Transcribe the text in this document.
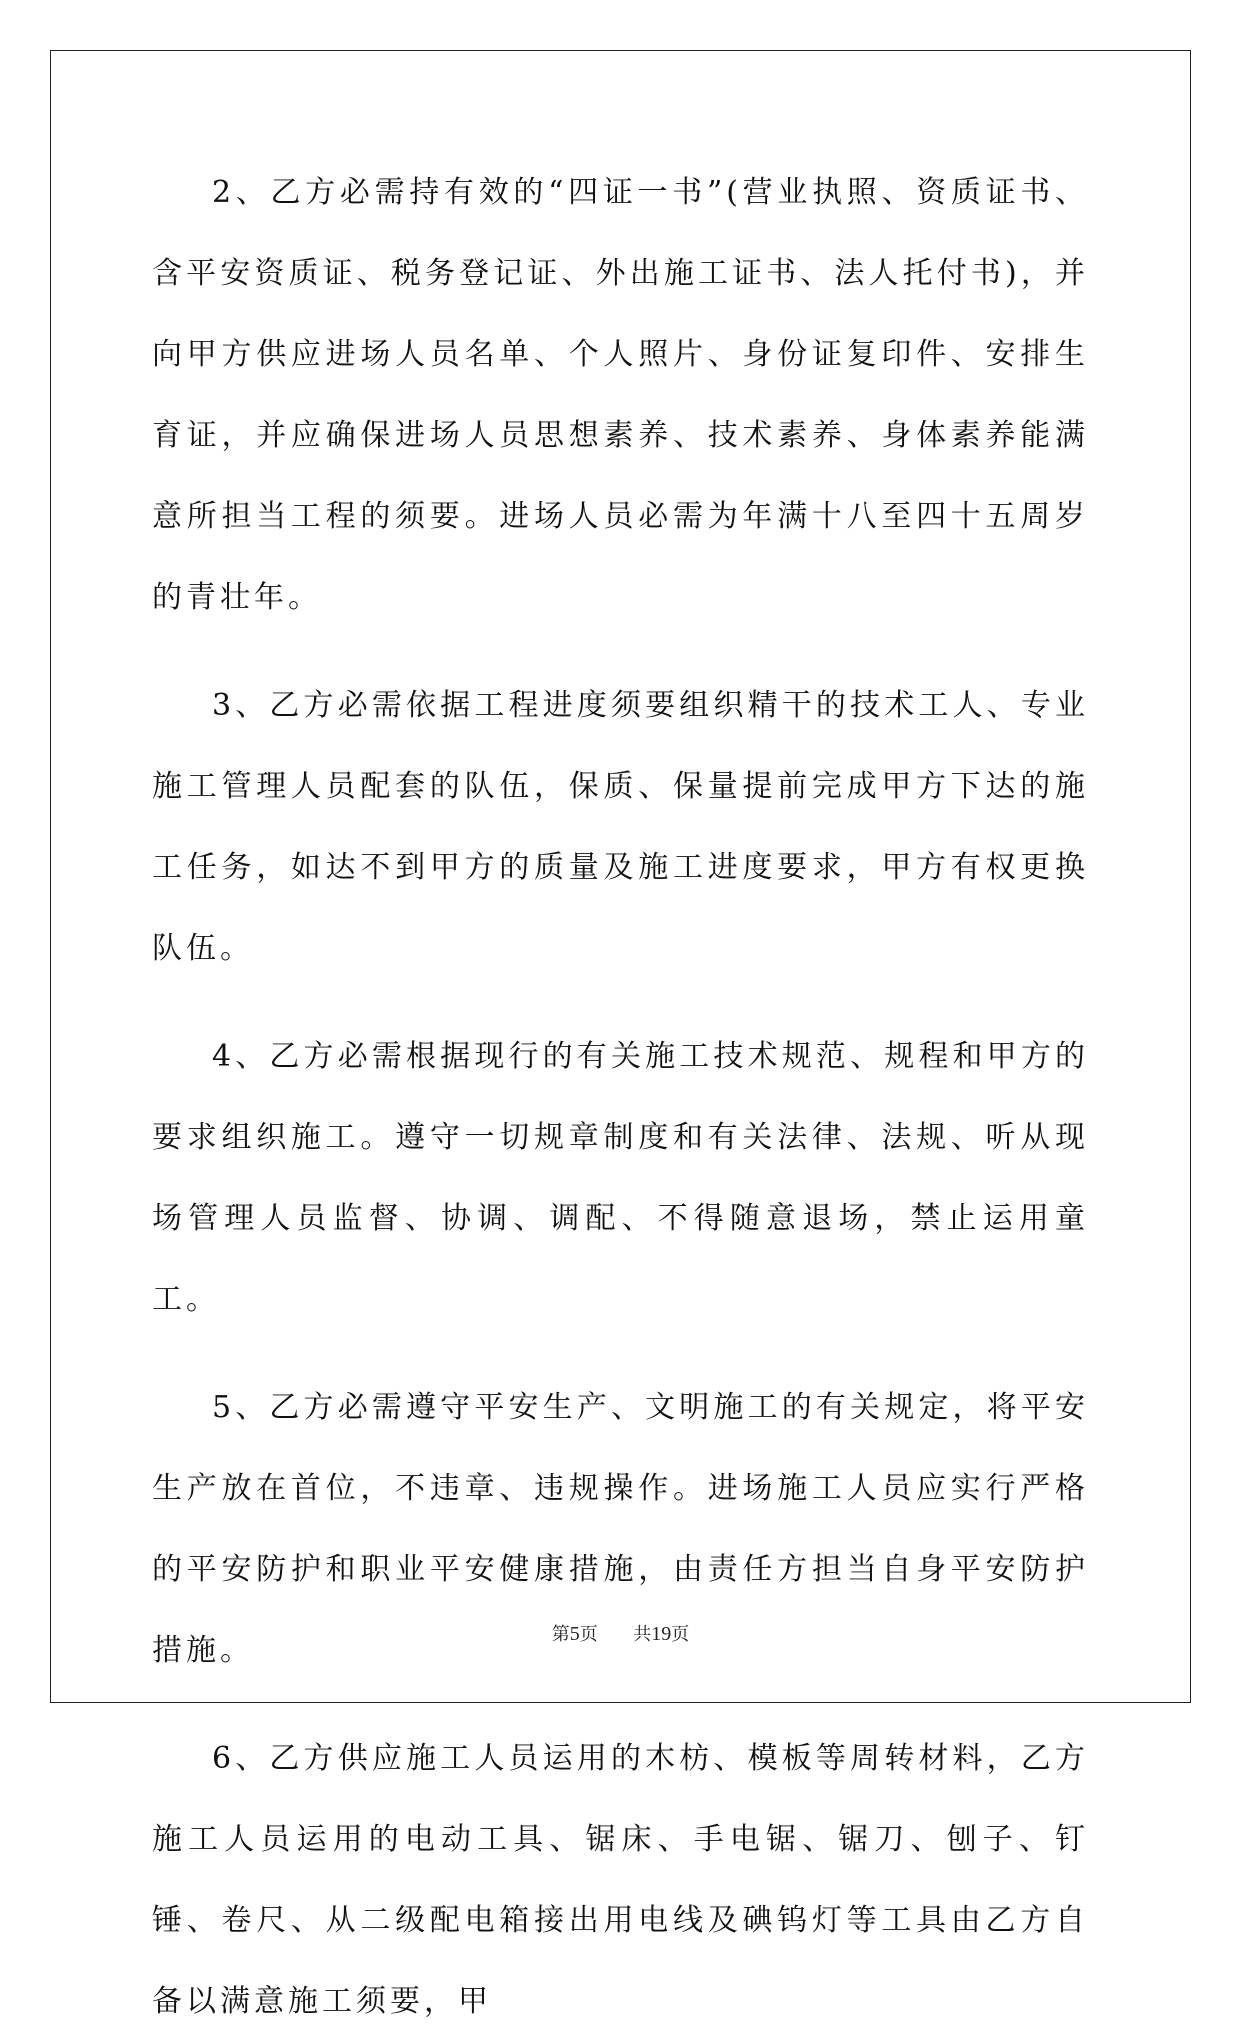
2、乙方必需持有效的“四证一书”(营业执照、资质证书、含平安资质证、税务登记证、外出施工证书、法人托付书)，并向甲方供应进场人员名单、个人照片、身份证复印件、安排生育证，并应确保进场人员思想素养、技术素养、身体素养能满意所担当工程的须要。进场人员必需为年满十八至四十五周岁的青壮年。

3、乙方必需依据工程进度须要组织精干的技术工人、专业施工管理人员配套的队伍，保质、保量提前完成甲方下达的施工任务，如达不到甲方的质量及施工进度要求，甲方有权更换队伍。

4、乙方必需根据现行的有关施工技术规范、规程和甲方的要求组织施工。遵守一切规章制度和有关法律、法规、听从现场管理人员监督、协调、调配、不得随意退场，禁止运用童工。

5、乙方必需遵守平安生产、文明施工的有关规定，将平安生产放在首位，不违章、违规操作。进场施工人员应实行严格的平安防护和职业平安健康措施，由责任方担当自身平安防护措施。

6、乙方供应施工人员运用的木枋、模板等周转材料，乙方施工人员运用的电动工具、锯床、手电锯、锯刀、刨子、钉锤、卷尺、从二级配电箱接出用电线及碘钨灯等工具由乙方自备以满意施工须要，甲

第5页 共19页
